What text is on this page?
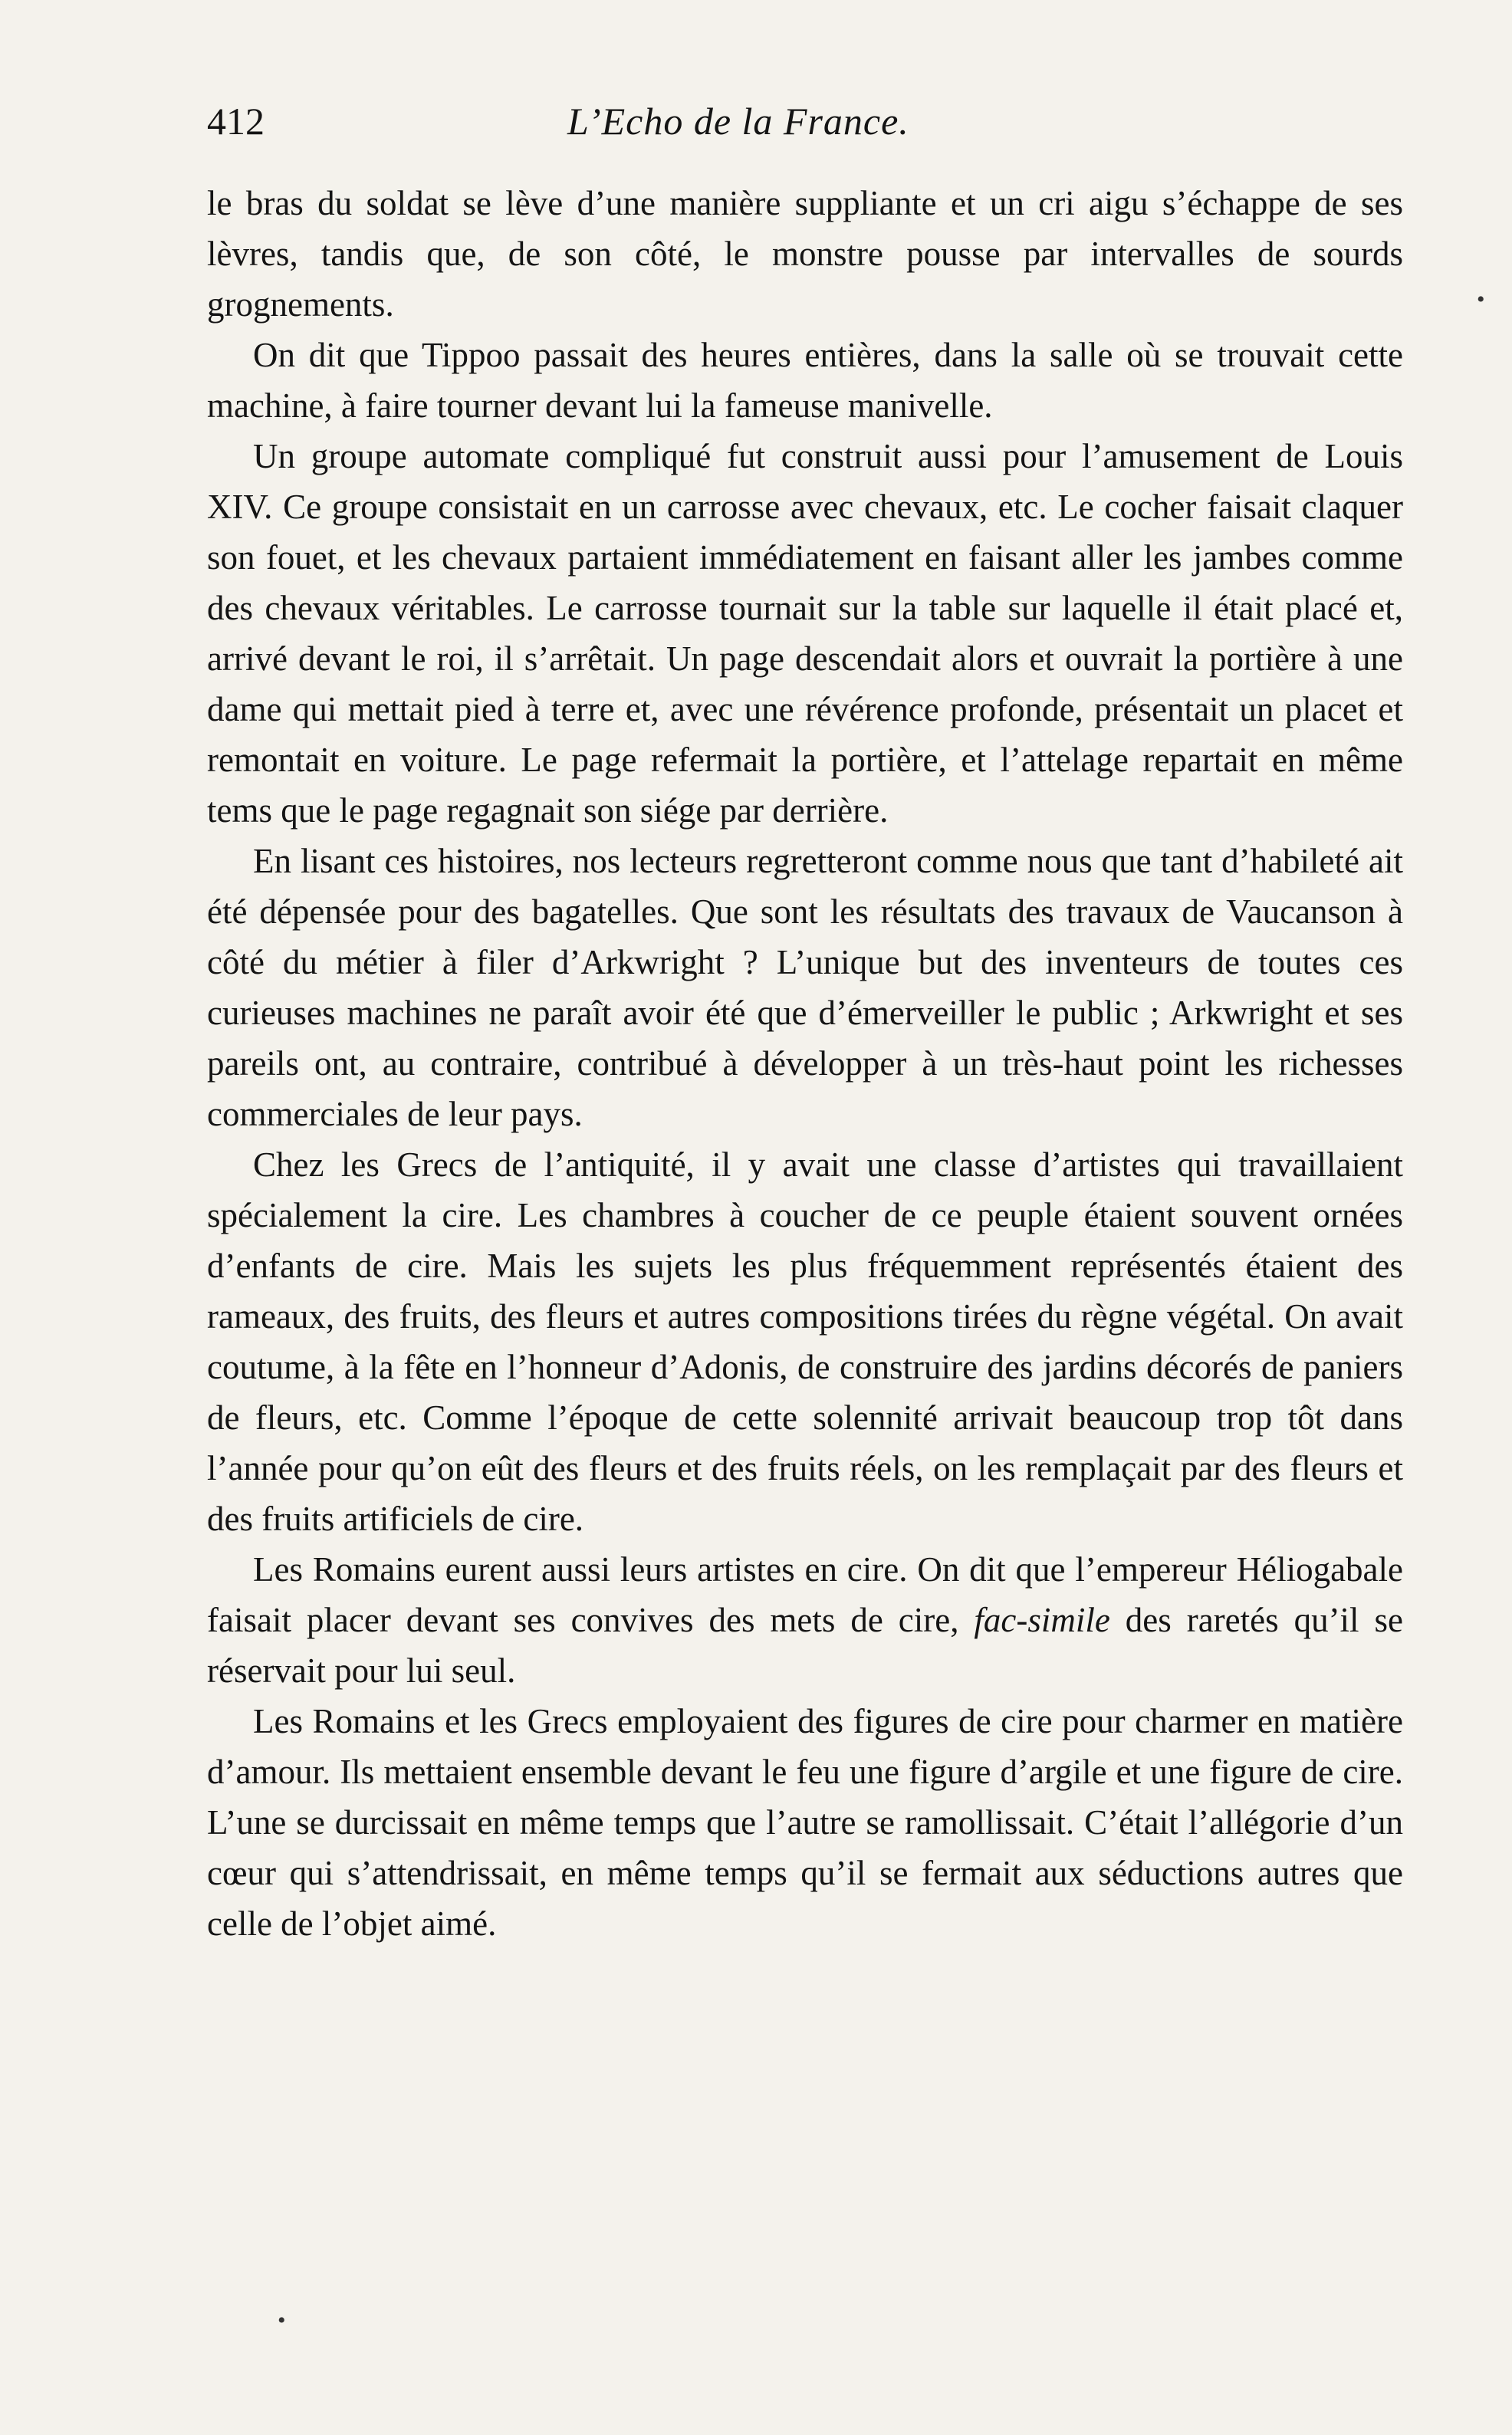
412	L’Echo de la France.

le bras du soldat se lève d’une manière suppliante et un cri aigu s’échappe de ses lèvres, tandis que, de son côté, le monstre pousse par intervalles de sourds grognements.

On dit que Tippoo passait des heures entières, dans la salle où se trouvait cette machine, à faire tourner devant lui la fameuse manivelle.

Un groupe automate compliqué fut construit aussi pour l’amusement de Louis XIV. Ce groupe consistait en un carrosse avec chevaux, etc. Le cocher faisait claquer son fouet, et les chevaux partaient immédiatement en faisant aller les jambes comme des chevaux véritables. Le carrosse tournait sur la table sur laquelle il était placé et, arrivé devant le roi, il s’arrêtait. Un page descendait alors et ouvrait la portière à une dame qui mettait pied à terre et, avec une révérence profonde, présentait un placet et remontait en voiture. Le page refermait la portière, et l’attelage repartait en même tems que le page regagnait son siége par derrière.

En lisant ces histoires, nos lecteurs regretteront comme nous que tant d’habileté ait été dépensée pour des bagatelles. Que sont les résultats des travaux de Vaucanson à côté du métier à filer d’Arkwright ? L’unique but des inventeurs de toutes ces curieuses machines ne paraît avoir été que d’émerveiller le public ; Arkwright et ses pareils ont, au contraire, contribué à développer à un très-haut point les richesses commerciales de leur pays.

Chez les Grecs de l’antiquité, il y avait une classe d’artistes qui travaillaient spécialement la cire. Les chambres à coucher de ce peuple étaient souvent ornées d’enfants de cire. Mais les sujets les plus fréquemment représentés étaient des rameaux, des fruits, des fleurs et autres compositions tirées du règne végétal. On avait coutume, à la fête en l’honneur d’Adonis, de construire des jardins décorés de paniers de fleurs, etc. Comme l’époque de cette solennité arrivait beaucoup trop tôt dans l’année pour qu’on eût des fleurs et des fruits réels, on les remplaçait par des fleurs et des fruits artificiels de cire.

Les Romains eurent aussi leurs artistes en cire. On dit que l’empereur Héliogabale faisait placer devant ses convives des mets de cire, fac-simile des raretés qu’il se réservait pour lui seul.

Les Romains et les Grecs employaient des figures de cire pour charmer en matière d’amour. Ils mettaient ensemble devant le feu une figure d’argile et une figure de cire. L’une se durcissait en même temps que l’autre se ramollissait. C’était l’allégorie d’un cœur qui s’attendrissait, en même temps qu’il se fermait aux séductions autres que celle de l’objet aimé.

•
•
